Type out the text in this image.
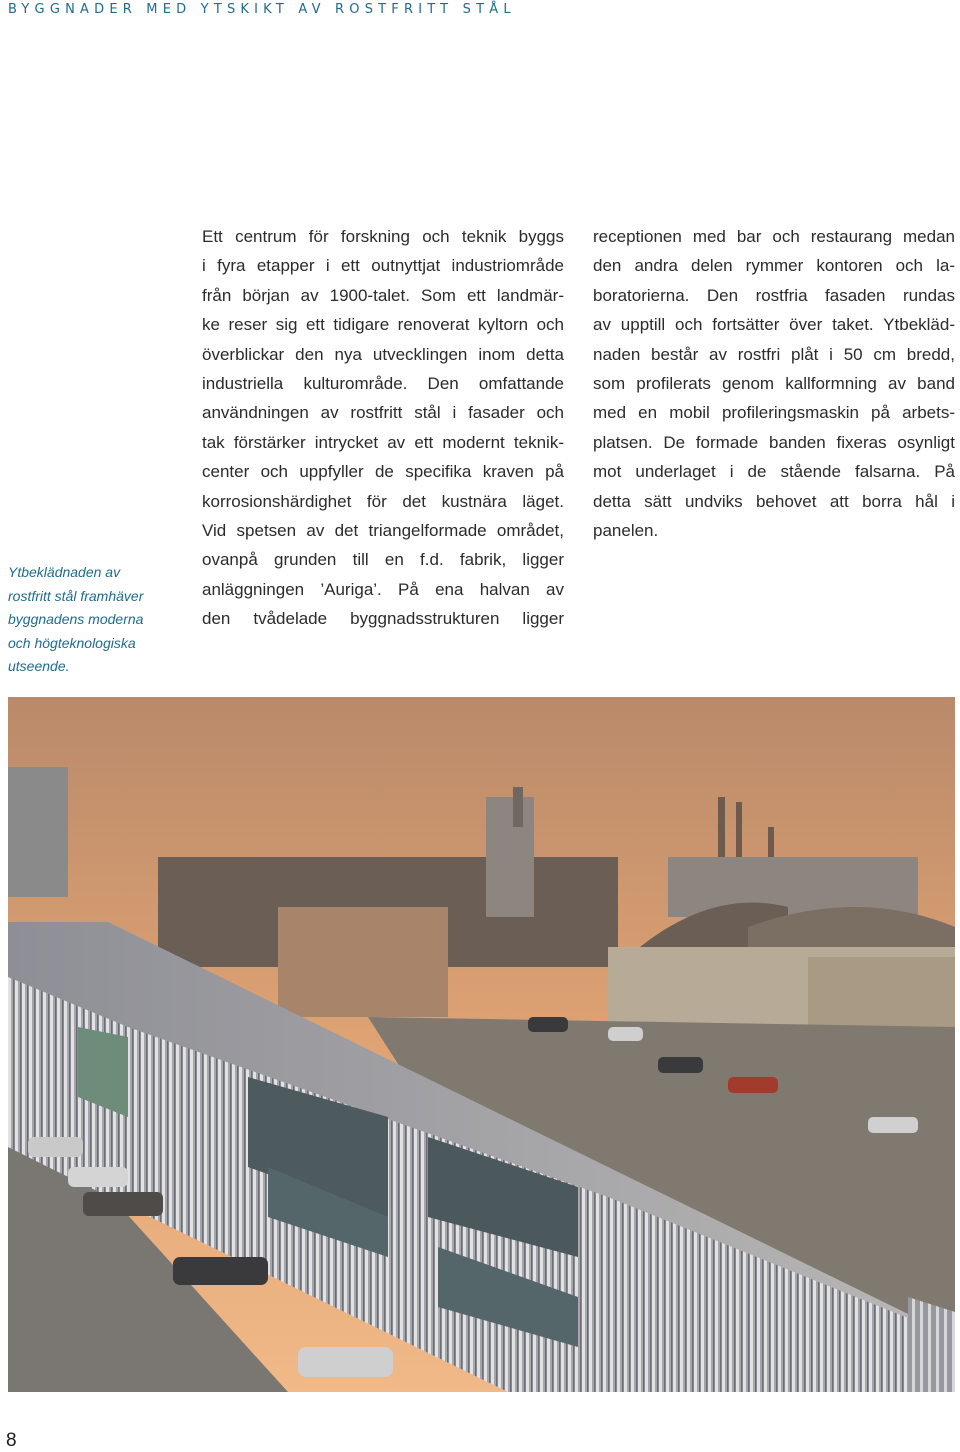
BYGGNADER MED YTSKIKT AV ROSTFRITT STÅL
Ytbeklädnaden av
rostfritt stål framhäver
byggnadens moderna
och högteknologiska
utseende.
Ett centrum för forskning och teknik byggs
i fyra etapper i ett outnyttjat industriområde
från början av 1900-talet. Som ett landmär-
ke reser sig ett tidigare renoverat kyltorn och
överblickar den nya utvecklingen inom detta
industriella kulturområde. Den omfattande
användningen av rostfritt stål i fasader och
tak förstärker intrycket av ett modernt teknik-
center och uppfyller de specifika kraven på
korrosionshärdighet för det kustnära läget.
Vid spetsen av det triangelformade området,
ovanpå grunden till en f.d. fabrik, ligger
anläggningen ’Auriga’. På ena halvan av
den tvådelade byggnadsstrukturen ligger
receptionen med bar och restaurang medan
den andra delen rymmer kontoren och la-
boratorierna. Den rostfria fasaden rundas
av upptill och fortsätter över taket. Ytbekläd-
naden består av rostfri plåt i 50 cm bredd,
som profilerats genom kallformning av band
med en mobil profileringsmaskin på arbets-
platsen. De formade banden fixeras osynligt
mot underlaget i de stående falsarna. På
detta sätt undviks behovet att borra hål i
panelen.
8
